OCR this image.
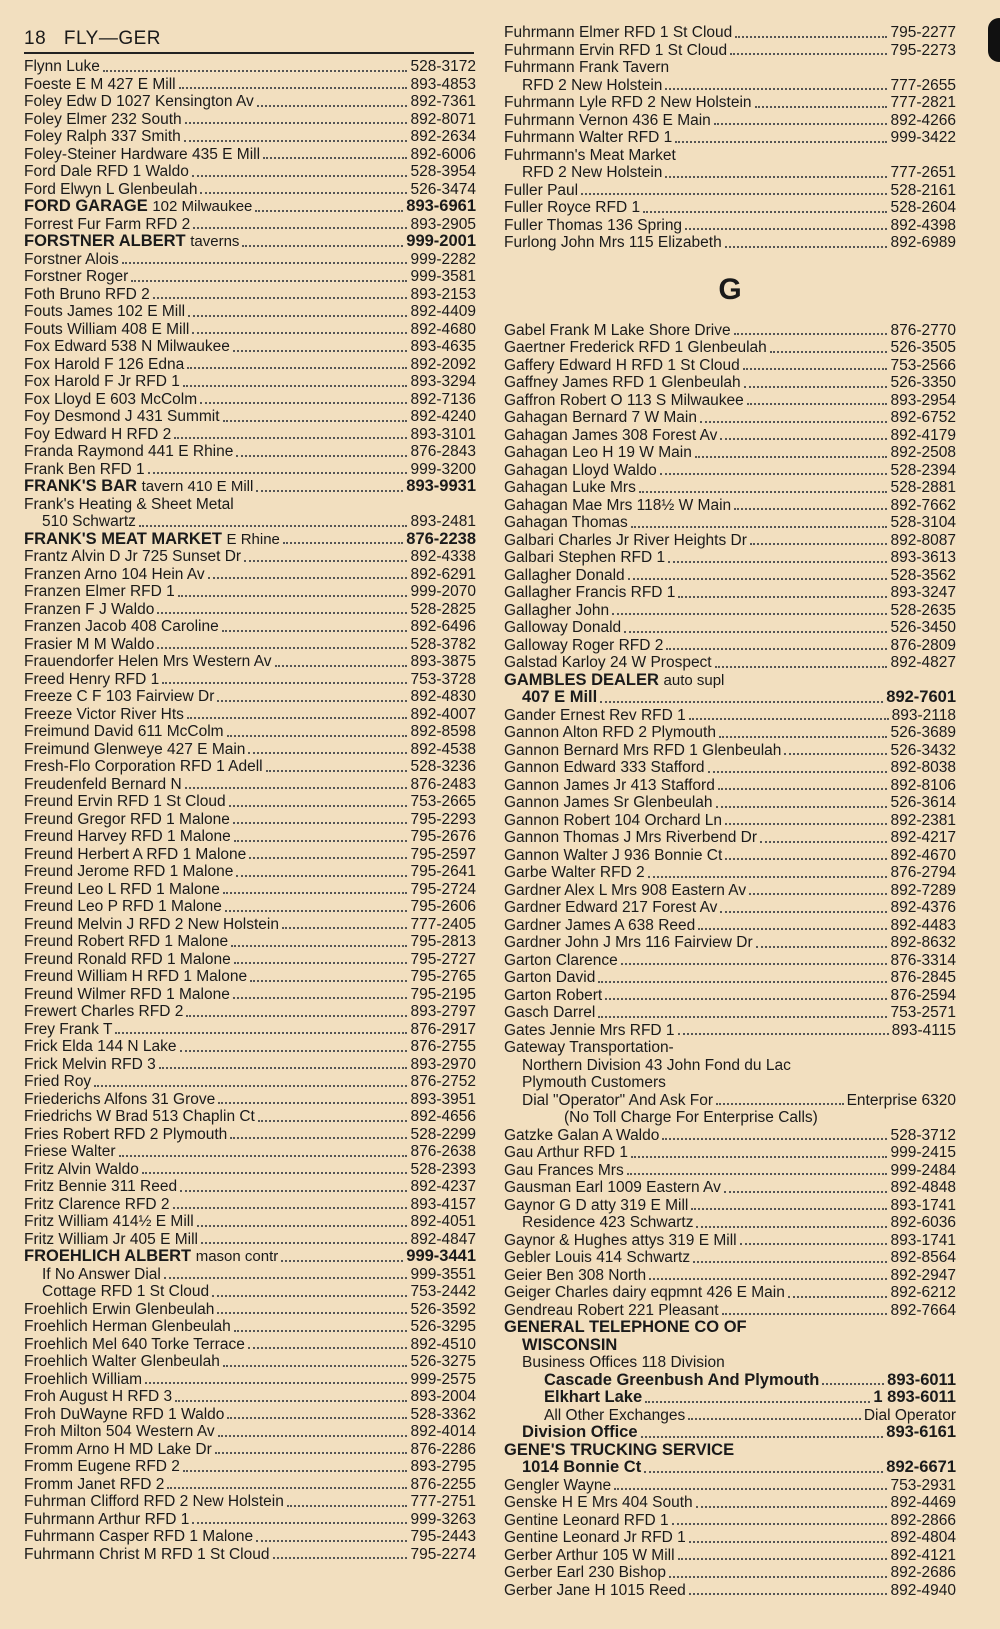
18 FLY—GER
Flynn Luke	528-3172
Foeste E M 427 E Mill	893-4853
Foley Edw D 1027 Kensington Av	892-7361
Foley Elmer 232 South	892-8071
Foley Ralph 337 Smith	892-2634
Foley-Steiner Hardware 435 E Mill	892-6006
Ford Dale RFD 1 Waldo	528-3954
Ford Elwyn L Glenbeulah	526-3474
FORD GARAGE 102 Milwaukee	893-6961
Forrest Fur Farm RFD 2	893-2905
FORSTNER ALBERT taverns	999-2001
Forstner Alois	999-2282
Forstner Roger	999-3581
Foth Bruno RFD 2	893-2153
Fouts James 102 E Mill	892-4409
Fouts William 408 E Mill	892-4680
Fox Edward 538 N Milwaukee	893-4635
Fox Harold F 126 Edna	892-2092
Fox Harold F Jr RFD 1	893-3294
Fox Lloyd E 603 McColm	892-7136
Foy Desmond J 431 Summit	892-4240
Foy Edward H RFD 2	893-3101
Franda Raymond 441 E Rhine	876-2843
Frank Ben RFD 1	999-3200
FRANK'S BAR tavern 410 E Mill	893-9931
Frank's Heating & Sheet Metal
510 Schwartz	893-2481
FRANK'S MEAT MARKET E Rhine	876-2238
Frantz Alvin D Jr 725 Sunset Dr	892-4338
Franzen Arno 104 Hein Av	892-6291
Franzen Elmer RFD 1	999-2070
Franzen F J Waldo	528-2825
Franzen Jacob 408 Caroline	892-6496
Frasier M M Waldo	528-3782
Frauendorfer Helen Mrs Western Av	893-3875
Freed Henry RFD 1	753-3728
Freeze C F 103 Fairview Dr	892-4830
Freeze Victor River Hts	892-4007
Freimund David 611 McColm	892-8598
Freimund Glenweye 427 E Main	892-4538
Fresh-Flo Corporation RFD 1 Adell	528-3236
Freudenfeld Bernard N	876-2483
Freund Ervin RFD 1 St Cloud	753-2665
Freund Gregor RFD 1 Malone	795-2293
Freund Harvey RFD 1 Malone	795-2676
Freund Herbert A RFD 1 Malone	795-2597
Freund Jerome RFD 1 Malone	795-2641
Freund Leo L RFD 1 Malone	795-2724
Freund Leo P RFD 1 Malone	795-2606
Freund Melvin J RFD 2 New Holstein	777-2405
Freund Robert RFD 1 Malone	795-2813
Freund Ronald RFD 1 Malone	795-2727
Freund William H RFD 1 Malone	795-2765
Freund Wilmer RFD 1 Malone	795-2195
Frewert Charles RFD 2	893-2797
Frey Frank T	876-2917
Frick Elda 144 N Lake	876-2755
Frick Melvin RFD 3	893-2970
Fried Roy	876-2752
Friederichs Alfons 31 Grove	893-3951
Friedrichs W Brad 513 Chaplin Ct	892-4656
Fries Robert RFD 2 Plymouth	528-2299
Friese Walter	876-2638
Fritz Alvin Waldo	528-2393
Fritz Bennie 311 Reed	892-4237
Fritz Clarence RFD 2	893-4157
Fritz William 414½ E Mill	892-4051
Fritz William Jr 405 E Mill	892-4847
FROEHLICH ALBERT mason contr	999-3441
If No Answer Dial	999-3551
Cottage RFD 1 St Cloud	753-2442
Froehlich Erwin Glenbeulah	526-3592
Froehlich Herman Glenbeulah	526-3295
Froehlich Mel 640 Torke Terrace	892-4510
Froehlich Walter Glenbeulah	526-3275
Froehlich William	999-2575
Froh August H RFD 3	893-2004
Froh DuWayne RFD 1 Waldo	528-3362
Froh Milton 504 Western Av	892-4014
Fromm Arno H MD Lake Dr	876-2286
Fromm Eugene RFD 2	893-2795
Fromm Janet RFD 2	876-2255
Fuhrman Clifford RFD 2 New Holstein	777-2751
Fuhrmann Arthur RFD 1	999-3263
Fuhrmann Casper RFD 1 Malone	795-2443
Fuhrmann Christ M RFD 1 St Cloud	795-2274
Fuhrmann Elmer RFD 1 St Cloud	795-2277
Fuhrmann Ervin RFD 1 St Cloud	795-2273
Fuhrmann Frank Tavern
RFD 2 New Holstein	777-2655
Fuhrmann Lyle RFD 2 New Holstein	777-2821
Fuhrmann Vernon 436 E Main	892-4266
Fuhrmann Walter RFD 1	999-3422
Fuhrmann's Meat Market
RFD 2 New Holstein	777-2651
Fuller Paul	528-2161
Fuller Royce RFD 1	528-2604
Fuller Thomas 136 Spring	892-4398
Furlong John Mrs 115 Elizabeth	892-6989
G
Gabel Frank M Lake Shore Drive	876-2770
Gaertner Frederick RFD 1 Glenbeulah	526-3505
Gaffery Edward H RFD 1 St Cloud	753-2566
Gaffney James RFD 1 Glenbeulah	526-3350
Gaffron Robert O 113 S Milwaukee	893-2954
Gahagan Bernard 7 W Main	892-6752
Gahagan James 308 Forest Av	892-4179
Gahagan Leo H 19 W Main	892-2508
Gahagan Lloyd Waldo	528-2394
Gahagan Luke Mrs	528-2881
Gahagan Mae Mrs 118½ W Main	892-7662
Gahagan Thomas	528-3104
Galbari Charles Jr River Heights Dr	892-8087
Galbari Stephen RFD 1	893-3613
Gallagher Donald	528-3562
Gallagher Francis RFD 1	893-3247
Gallagher John	528-2635
Galloway Donald	526-3450
Galloway Roger RFD 2	876-2809
Galstad Karloy 24 W Prospect	892-4827
GAMBLES DEALER auto supl
407 E Mill	892-7601
Gander Ernest Rev RFD 1	893-2118
Gannon Alton RFD 2 Plymouth	526-3689
Gannon Bernard Mrs RFD 1 Glenbeulah	526-3432
Gannon Edward 333 Stafford	892-8038
Gannon James Jr 413 Stafford	892-8106
Gannon James Sr Glenbeulah	526-3614
Gannon Robert 104 Orchard Ln	892-2381
Gannon Thomas J Mrs Riverbend Dr	892-4217
Gannon Walter J 936 Bonnie Ct	892-4670
Garbe Walter RFD 2	876-2794
Gardner Alex L Mrs 908 Eastern Av	892-7289
Gardner Edward 217 Forest Av	892-4376
Gardner James A 638 Reed	892-4483
Gardner John J Mrs 116 Fairview Dr	892-8632
Garton Clarence	876-3314
Garton David	876-2845
Garton Robert	876-2594
Gasch Darrel	753-2571
Gates Jennie Mrs RFD 1	893-4115
Gateway Transportation-
Northern Division 43 John Fond du Lac
Plymouth Customers
Dial "Operator" And Ask For	Enterprise 6320
(No Toll Charge For Enterprise Calls)
Gatzke Galan A Waldo	528-3712
Gau Arthur RFD 1	999-2415
Gau Frances Mrs	999-2484
Gausman Earl 1009 Eastern Av	892-4848
Gaynor G D atty 319 E Mill	893-1741
Residence 423 Schwartz	892-6036
Gaynor & Hughes attys 319 E Mill	893-1741
Gebler Louis 414 Schwartz	892-8564
Geier Ben 308 North	892-2947
Geiger Charles dairy eqpmnt 426 E Main	892-6212
Gendreau Robert 221 Pleasant	892-7664
GENERAL TELEPHONE CO OF
WISCONSIN
Business Offices 118 Division
Cascade Greenbush And Plymouth	893-6011
Elkhart Lake	1 893-6011
All Other Exchanges	Dial Operator
Division Office	893-6161
GENE'S TRUCKING SERVICE
1014 Bonnie Ct	892-6671
Gengler Wayne	753-2931
Genske H E Mrs 404 South	892-4469
Gentine Leonard RFD 1	892-2866
Gentine Leonard Jr RFD 1	892-4804
Gerber Arthur 105 W Mill	892-4121
Gerber Earl 230 Bishop	892-2686
Gerber Jane H 1015 Reed	892-4940
